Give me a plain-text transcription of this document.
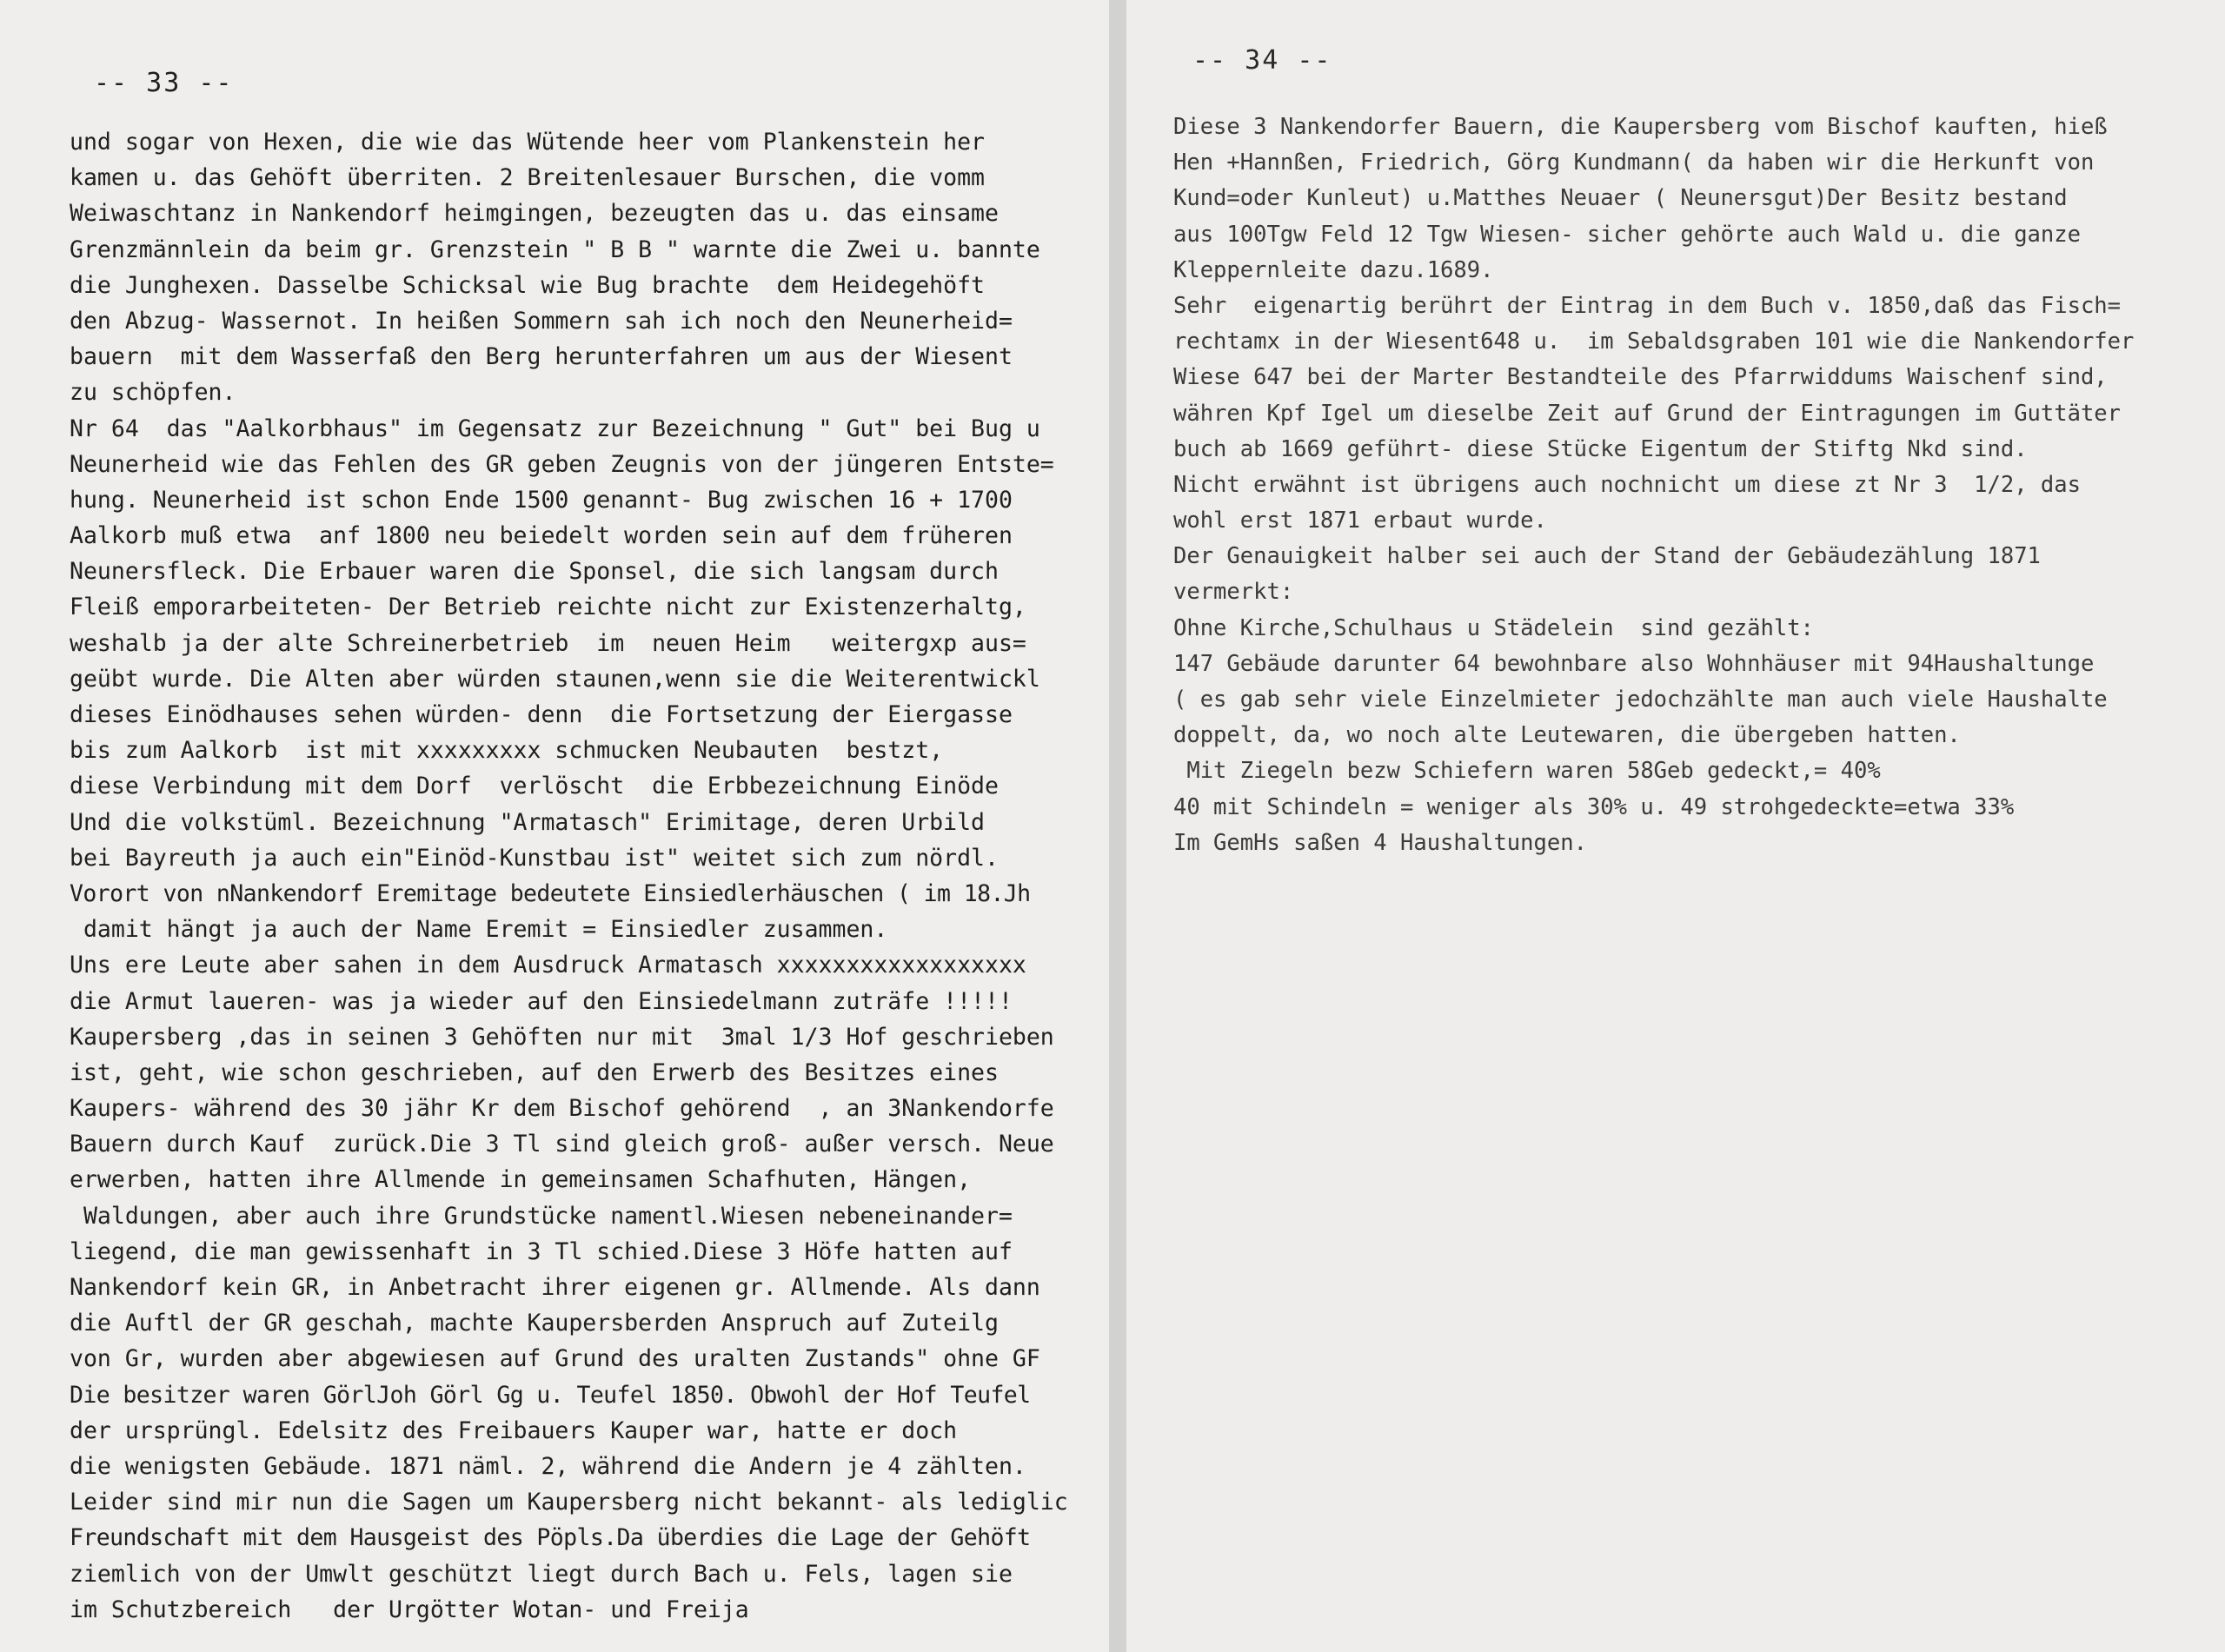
-- 33 --
und sogar von Hexen, die wie das Wütende heer vom Plankenstein her
kamen u. das Gehöft überriten. 2 Breitenlesauer Burschen, die vomm
Weiwaschtanz in Nankendorf heimgingen, bezeugten das u. das einsame
Grenzmännlein da beim gr. Grenzstein " B B " warnte die Zwei u. bannte
die Junghexen. Dasselbe Schicksal wie Bug brachte  dem Heidegehöft
den Abzug- Wassernot. In heißen Sommern sah ich noch den Neunerheid=
bauern  mit dem Wasserfaß den Berg herunterfahren um aus der Wiesent
zu schöpfen.
Nr 64  das "Aalkorbhaus" im Gegensatz zur Bezeichnung " Gut" bei Bug u
Neunerheid wie das Fehlen des GR geben Zeugnis von der jüngeren Entste=
hung. Neunerheid ist schon Ende 1500 genannt- Bug zwischen 16 + 1700
Aalkorb muß etwa  anf 1800 neu beiedelt worden sein auf dem früheren
Neunersfleck. Die Erbauer waren die Sponsel, die sich langsam durch
Fleiß emporarbeiteten- Der Betrieb reichte nicht zur Existenzerhaltg,
weshalb ja der alte Schreinerbetrieb  im  neuen Heim   weitergxp aus=
geübt wurde. Die Alten aber würden staunen,wenn sie die Weiterentwickl
dieses Einödhauses sehen würden- denn  die Fortsetzung der Eiergasse
bis zum Aalkorb  ist mit xxxxxxxxx schmucken Neubauten  bestzt,
diese Verbindung mit dem Dorf  verlöscht  die Erbbezeichnung Einöde
Und die volkstüml. Bezeichnung "Armatasch" Erimitage, deren Urbild
bei Bayreuth ja auch ein"Einöd-Kunstbau ist" weitet sich zum nördl.
Vorort von nNankendorf Eremitage bedeutete Einsiedlerhäuschen ( im 18.Jh
damit hängt ja auch der Name Eremit = Einsiedler zusammen.
Uns ere Leute aber sahen in dem Ausdruck Armatasch xxxxxxxxxxxxxxxxxx
die Armut laueren- was ja wieder auf den Einsiedelmann zuträfe !!!!!
Kaupersberg ,das in seinen 3 Gehöften nur mit  3mal 1/3 Hof geschrieben
ist, geht, wie schon geschrieben, auf den Erwerb des Besitzes eines
Kaupers- während des 30 jähr Kr dem Bischof gehörend  , an 3Nankendorfe
Bauern durch Kauf  zurück.Die 3 Tl sind gleich groß- außer versch. Neue
erwerben, hatten ihre Allmende in gemeinsamen Schafhuten, Hängen,
Waldungen, aber auch ihre Grundstücke namentl.Wiesen nebeneinander=
liegend, die man gewissenhaft in 3 Tl schied.Diese 3 Höfe hatten auf
Nankendorf kein GR, in Anbetracht ihrer eigenen gr. Allmende. Als dann
die Auftl der GR geschah, machte Kaupersberden Anspruch auf Zuteilg
von Gr, wurden aber abgewiesen auf Grund des uralten Zustands" ohne GF
Die besitzer waren GörlJoh Görl Gg u. Teufel 1850. Obwohl der Hof Teufel
der ursprüngl. Edelsitz des Freibauers Kauper war, hatte er doch
die wenigsten Gebäude. 1871 näml. 2, während die Andern je 4 zählten.
Leider sind mir nun die Sagen um Kaupersberg nicht bekannt- als lediglic
Freundschaft mit dem Hausgeist des Pöpls.Da überdies die Lage der Gehöft
ziemlich von der Umwlt geschützt liegt durch Bach u. Fels, lagen sie
im Schutzbereich   der Urgötter Wotan- und Freija
-- 34 --
Diese 3 Nankendorfer Bauern, die Kaupersberg vom Bischof kauften, hieß
Hen +Hannßen, Friedrich, Görg Kundmann( da haben wir die Herkunft von
Kund=oder Kunleut) u.Matthes Neuaer ( Neunersgut)Der Besitz bestand
aus 100Tgw Feld 12 Tgw Wiesen- sicher gehörte auch Wald u. die ganze
Kleppernleite dazu.1689.
Sehr  eigenartig berührt der Eintrag in dem Buch v. 1850,daß das Fisch=
rechtamx in der Wiesent648 u.  im Sebaldsgraben 101 wie die Nankendorfer
Wiese 647 bei der Marter Bestandteile des Pfarrwiddums Waischenf sind,
währen Kpf Igel um dieselbe Zeit auf Grund der Eintragungen im Guttäter
buch ab 1669 geführt- diese Stücke Eigentum der Stiftg Nkd sind.
Nicht erwähnt ist übrigens auch nochnicht um diese zt Nr 3  1/2, das
wohl erst 1871 erbaut wurde.
Der Genauigkeit halber sei auch der Stand der Gebäudezählung 1871
vermerkt:
Ohne Kirche,Schulhaus u Städelein  sind gezählt:
147 Gebäude darunter 64 bewohnbare also Wohnhäuser mit 94Haushaltunge
( es gab sehr viele Einzelmieter jedochzählte man auch viele Haushalte
doppelt, da, wo noch alte Leutewaren, die übergeben hatten.
Mit Ziegeln bezw Schiefern waren 58Geb gedeckt,= 40%
40 mit Schindeln = weniger als 30% u. 49 strohgedeckte=etwa 33%
Im GemHs saßen 4 Haushaltungen.
